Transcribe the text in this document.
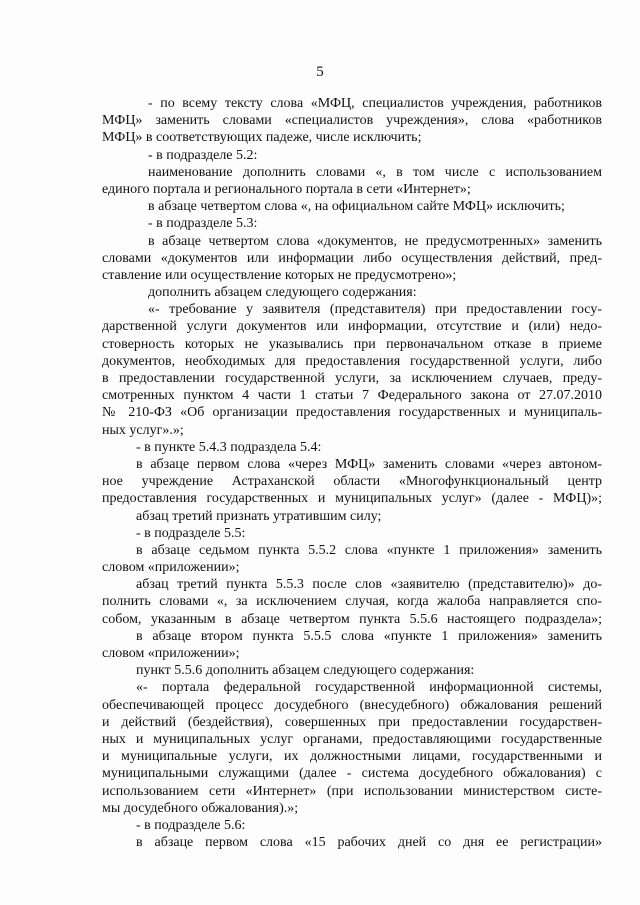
5
- по всему тексту слова «МФЦ, специалистов учреждения, работников
МФЦ» заменить словами «специалистов учреждения», слова «работников
МФЦ» в соответствующих падеже, числе исключить;
- в подразделе 5.2:
наименование дополнить словами «, в том числе с использованием
единого портала и регионального портала в сети «Интернет»;
в абзаце четвертом слова «, на официальном сайте МФЦ» исключить;
- в подразделе 5.3:
в абзаце четвертом слова «документов, не предусмотренных» заменить
словами «документов или информации либо осуществления действий, пред-
ставление или осуществление которых не предусмотрено»;
дополнить абзацем следующего содержания:
«- требование у заявителя (представителя) при предоставлении госу-
дарственной услуги документов или информации, отсутствие и (или) недо-
стоверность которых не указывались при первоначальном отказе в приеме
документов, необходимых для предоставления государственной услуги, либо
в предоставлении государственной услуги, за исключением случаев, преду-
смотренных пунктом 4 части 1 статьи 7 Федерального закона от 27.07.2010
№ 210-ФЗ «Об организации предоставления государственных и муниципаль-
ных услуг».»;
- в пункте 5.4.3 подраздела 5.4:
в абзаце первом слова «через МФЦ» заменить словами «через автоном-
ное учреждение Астраханской области «Многофункциональный центр
предоставления государственных и муниципальных услуг» (далее - МФЦ)»;
абзац третий признать утратившим силу;
- в подразделе 5.5:
в абзаце седьмом пункта 5.5.2 слова «пункте 1 приложения» заменить
словом «приложении»;
абзац третий пункта 5.5.3 после слов «заявителю (представителю)» до-
полнить словами «, за исключением случая, когда жалоба направляется спо-
собом, указанным в абзаце четвертом пункта 5.5.6 настоящего подраздела»;
в абзаце втором пункта 5.5.5 слова «пункте 1 приложения» заменить
словом «приложении»;
пункт 5.5.6 дополнить абзацем следующего содержания:
«- портала федеральной государственной информационной системы,
обеспечивающей процесс досудебного (внесудебного) обжалования решений
и действий (бездействия), совершенных при предоставлении государствен-
ных и муниципальных услуг органами, предоставляющими государственные
и муниципальные услуги, их должностными лицами, государственными и
муниципальными служащими (далее - система досудебного обжалования) с
использованием сети «Интернет» (при использовании министерством систе-
мы досудебного обжалования).»;
- в подразделе 5.6:
в абзаце первом слова «15 рабочих дней со дня ее регистрации»
